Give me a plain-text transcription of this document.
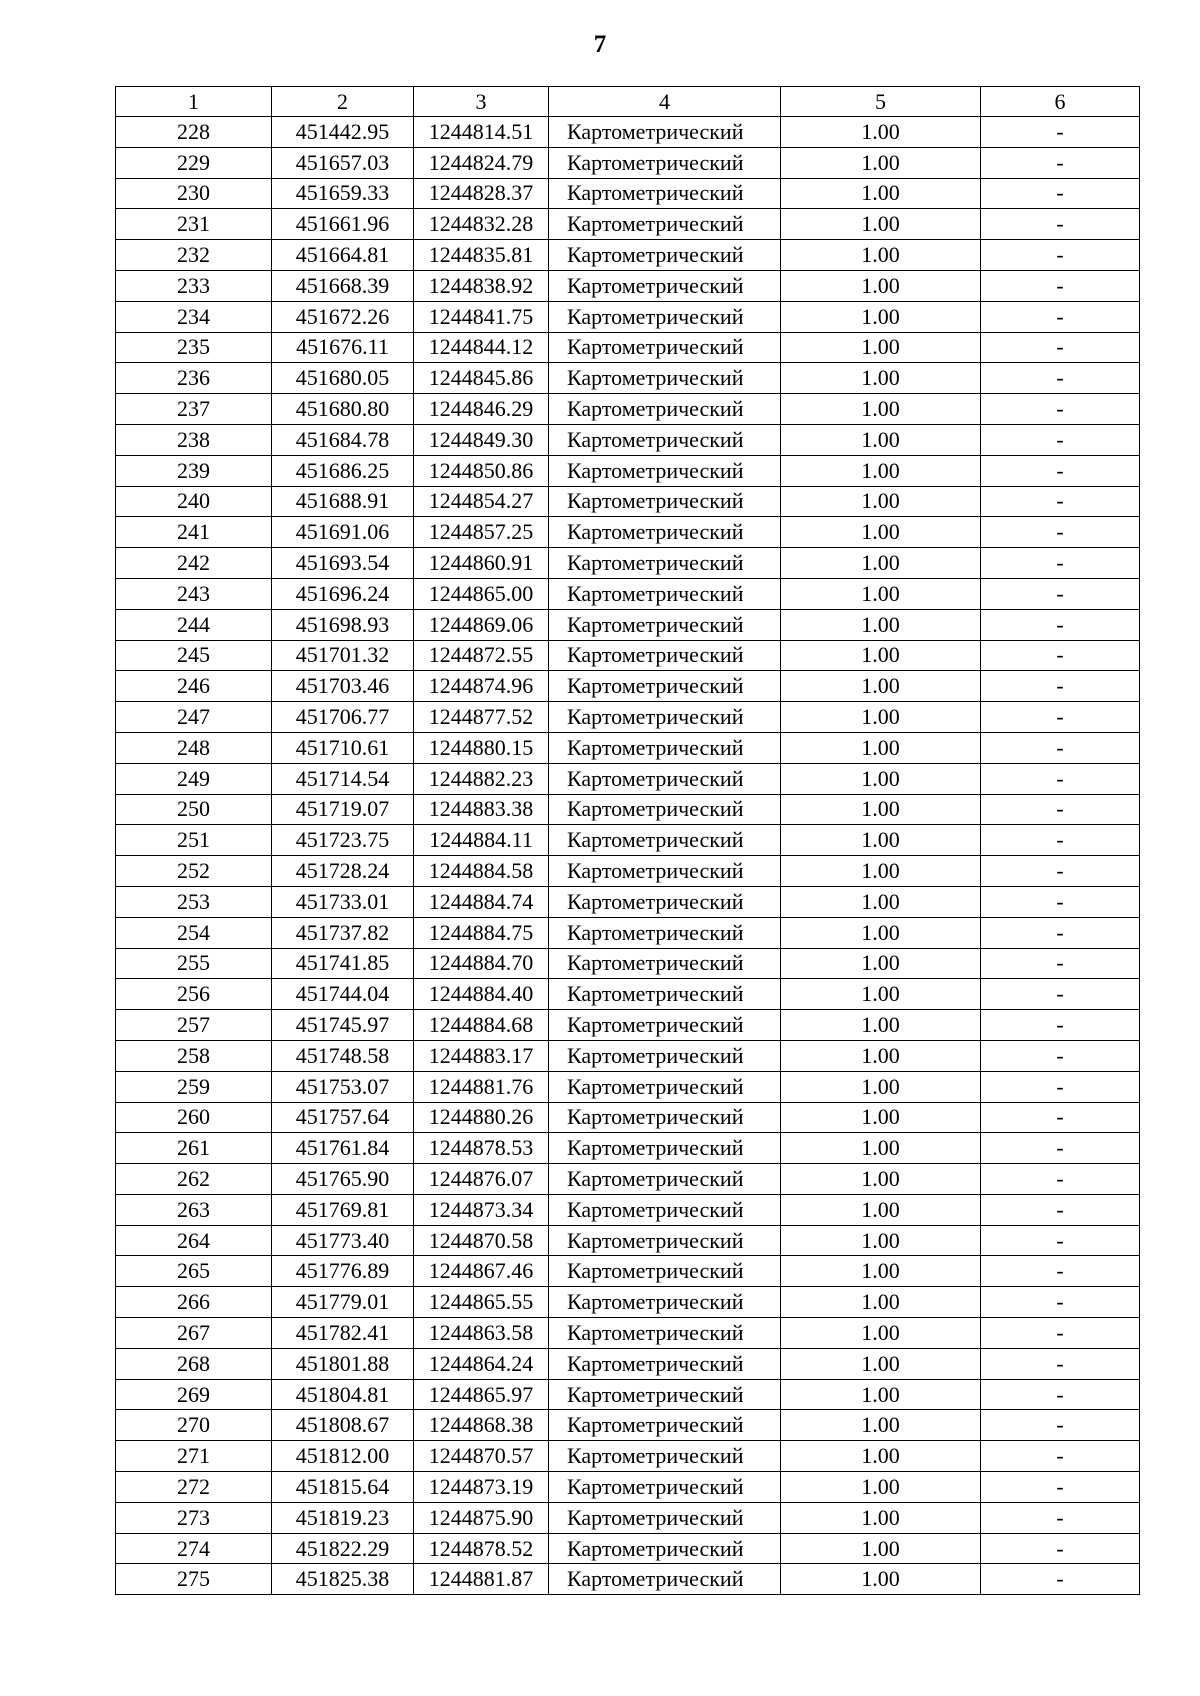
7
1	2	3	4	5	6
228	451442.95	1244814.51	Картометрический	1.00	-
229	451657.03	1244824.79	Картометрический	1.00	-
230	451659.33	1244828.37	Картометрический	1.00	-
231	451661.96	1244832.28	Картометрический	1.00	-
232	451664.81	1244835.81	Картометрический	1.00	-
233	451668.39	1244838.92	Картометрический	1.00	-
234	451672.26	1244841.75	Картометрический	1.00	-
235	451676.11	1244844.12	Картометрический	1.00	-
236	451680.05	1244845.86	Картометрический	1.00	-
237	451680.80	1244846.29	Картометрический	1.00	-
238	451684.78	1244849.30	Картометрический	1.00	-
239	451686.25	1244850.86	Картометрический	1.00	-
240	451688.91	1244854.27	Картометрический	1.00	-
241	451691.06	1244857.25	Картометрический	1.00	-
242	451693.54	1244860.91	Картометрический	1.00	-
243	451696.24	1244865.00	Картометрический	1.00	-
244	451698.93	1244869.06	Картометрический	1.00	-
245	451701.32	1244872.55	Картометрический	1.00	-
246	451703.46	1244874.96	Картометрический	1.00	-
247	451706.77	1244877.52	Картометрический	1.00	-
248	451710.61	1244880.15	Картометрический	1.00	-
249	451714.54	1244882.23	Картометрический	1.00	-
250	451719.07	1244883.38	Картометрический	1.00	-
251	451723.75	1244884.11	Картометрический	1.00	-
252	451728.24	1244884.58	Картометрический	1.00	-
253	451733.01	1244884.74	Картометрический	1.00	-
254	451737.82	1244884.75	Картометрический	1.00	-
255	451741.85	1244884.70	Картометрический	1.00	-
256	451744.04	1244884.40	Картометрический	1.00	-
257	451745.97	1244884.68	Картометрический	1.00	-
258	451748.58	1244883.17	Картометрический	1.00	-
259	451753.07	1244881.76	Картометрический	1.00	-
260	451757.64	1244880.26	Картометрический	1.00	-
261	451761.84	1244878.53	Картометрический	1.00	-
262	451765.90	1244876.07	Картометрический	1.00	-
263	451769.81	1244873.34	Картометрический	1.00	-
264	451773.40	1244870.58	Картометрический	1.00	-
265	451776.89	1244867.46	Картометрический	1.00	-
266	451779.01	1244865.55	Картометрический	1.00	-
267	451782.41	1244863.58	Картометрический	1.00	-
268	451801.88	1244864.24	Картометрический	1.00	-
269	451804.81	1244865.97	Картометрический	1.00	-
270	451808.67	1244868.38	Картометрический	1.00	-
271	451812.00	1244870.57	Картометрический	1.00	-
272	451815.64	1244873.19	Картометрический	1.00	-
273	451819.23	1244875.90	Картометрический	1.00	-
274	451822.29	1244878.52	Картометрический	1.00	-
275	451825.38	1244881.87	Картометрический	1.00	-
